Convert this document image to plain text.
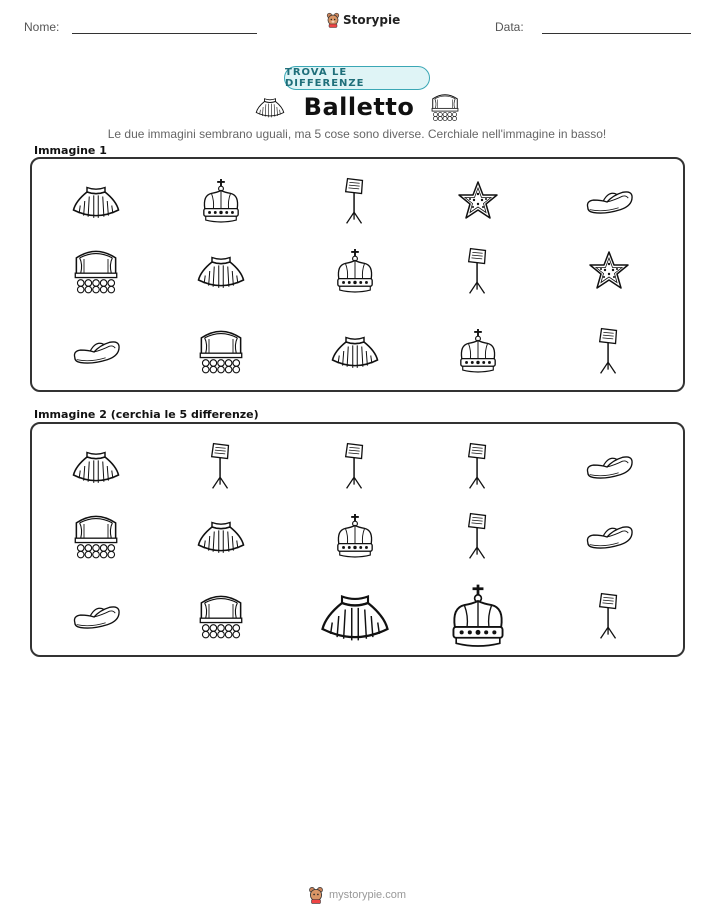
Nome:	Storypie	Data:
TROVA LE DIFFERENZE
Balletto
Le due immagini sembrano uguali, ma 5 cose sono diverse. Cerchiale nell'immagine in basso!
Immagine 1
Immagine 2 (cerchia le 5 differenze)
mystorypie.com
